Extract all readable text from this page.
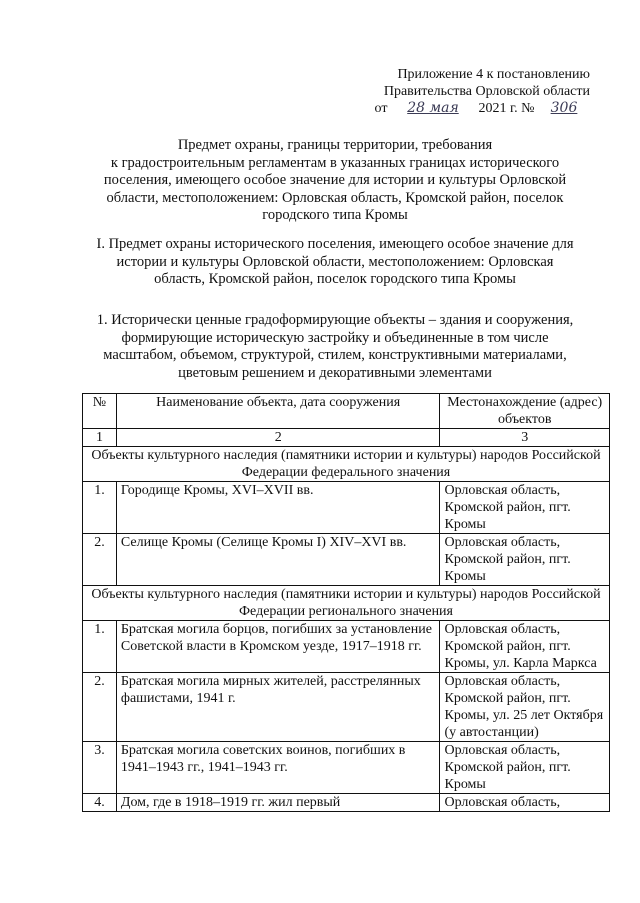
Приложение 4 к постановлению
Правительства Орловской области
от 28 мая 2021 г. № 306
Предмет охраны, границы территории, требования
к градостроительным регламентам в указанных границах исторического
поселения, имеющего особое значение для истории и культуры Орловской
области, местоположением: Орловская область, Кромской район, поселок
городского типа Кромы
I. Предмет охраны исторического поселения, имеющего особое значение для
истории и культуры Орловской области, местоположением: Орловская
область, Кромской район, поселок городского типа Кромы
1. Исторически ценные градоформирующие объекты – здания и сооружения,
формирующие историческую застройку и объединенные в том числе
масштабом, объемом, структурой, стилем, конструктивными материалами,
цветовым решением и декоративными элементами
№	Наименование объекта, дата сооружения	Местонахождение (адрес) объектов
1	2	3
Объекты культурного наследия (памятники истории и культуры) народов Российской Федерации федерального значения		
1.	Городище Кромы, XVI–XVII вв.	Орловская область, Кромской район, пгт. Кромы
2.	Селище Кромы (Селище Кромы I) XIV–XVI вв.	Орловская область, Кромской район, пгт. Кромы
Объекты культурного наследия (памятники истории и культуры) народов Российской Федерации регионального значения		
1.	Братская могила борцов, погибших за установление Советской власти в Кромском уезде, 1917–1918 гг.	Орловская область, Кромской район, пгт. Кромы, ул. Карла Маркса
2.	Братская могила мирных жителей, расстрелянных фашистами, 1941 г.	Орловская область, Кромской район, пгт. Кромы, ул. 25 лет Октября (у автостанции)
3.	Братская могила советских воинов, погибших в 1941–1943 гг., 1941–1943 гг.	Орловская область, Кромской район, пгт. Кромы
4.	Дом, где в 1918–1919 гг. жил первый	Орловская область,
